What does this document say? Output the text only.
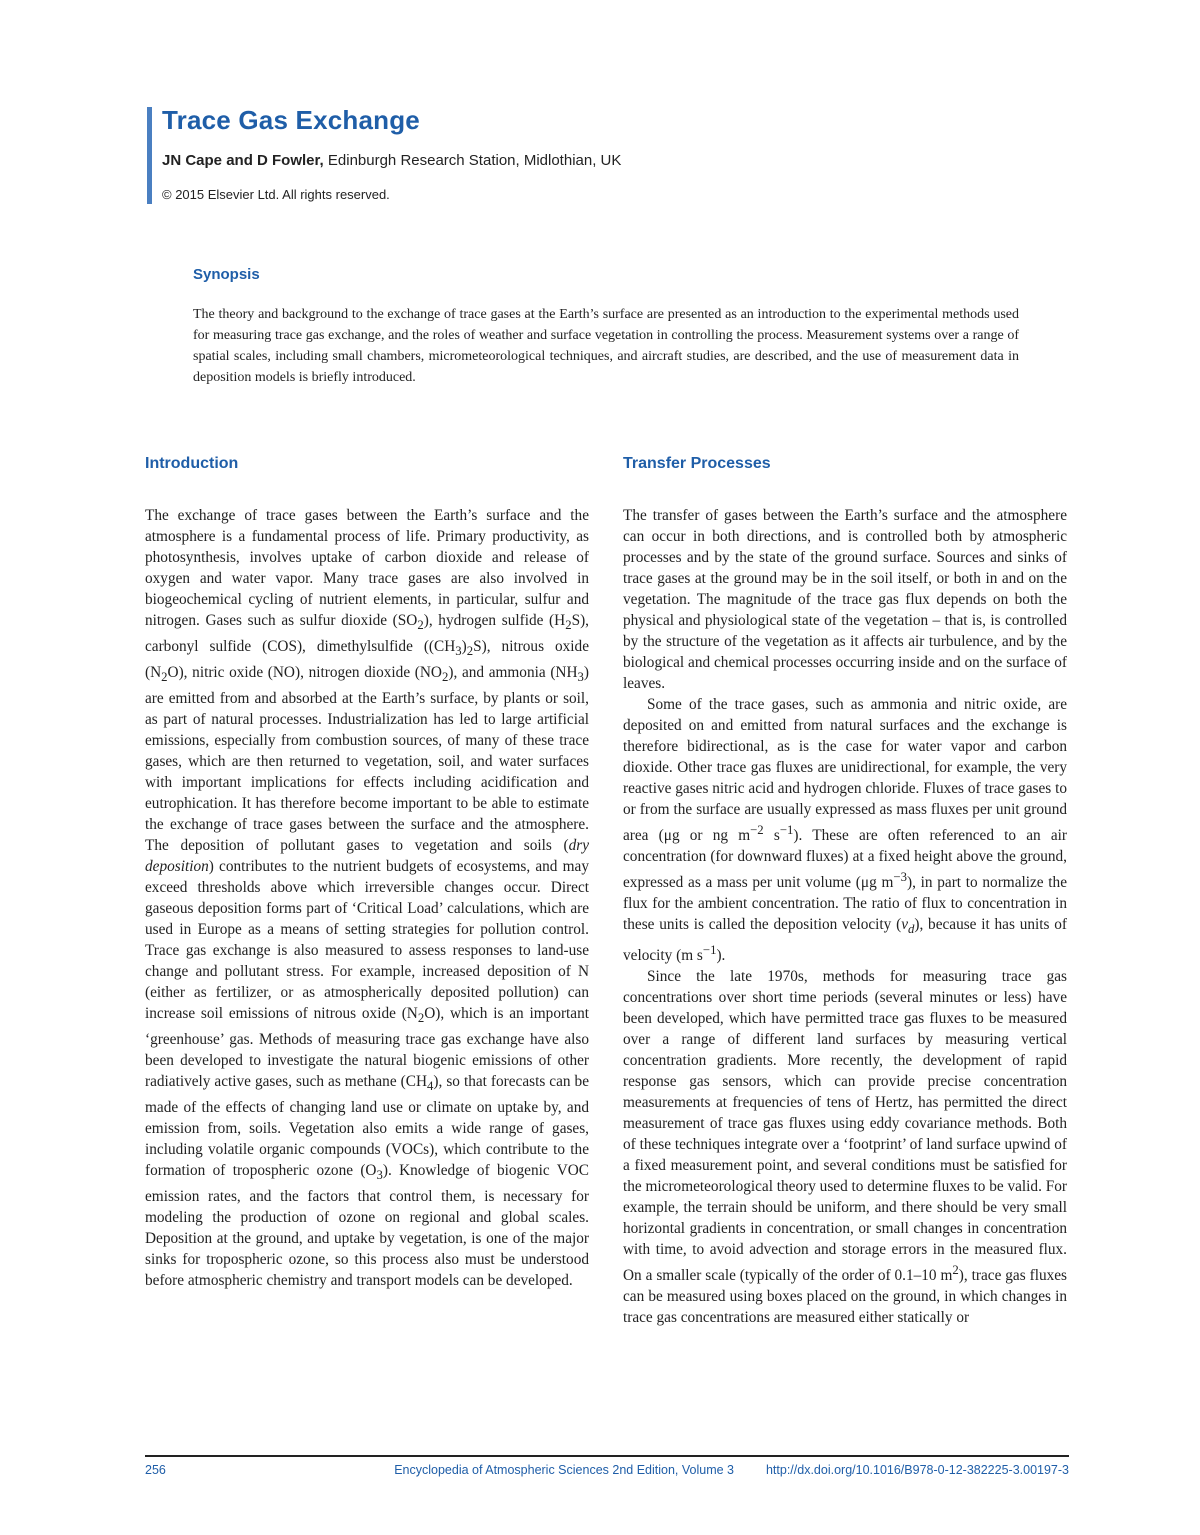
Trace Gas Exchange
JN Cape and D Fowler, Edinburgh Research Station, Midlothian, UK
© 2015 Elsevier Ltd. All rights reserved.
Synopsis

The theory and background to the exchange of trace gases at the Earth’s surface are presented as an introduction to the experimental methods used for measuring trace gas exchange, and the roles of weather and surface vegetation in controlling the process. Measurement systems over a range of spatial scales, including small chambers, micrometeorological techniques, and aircraft studies, are described, and the use of measurement data in deposition models is briefly introduced.

Introduction

The exchange of trace gases between the Earth’s surface and the atmosphere is a fundamental process of life. Primary productivity, as photosynthesis, involves uptake of carbon dioxide and release of oxygen and water vapor. Many trace gases are also involved in biogeochemical cycling of nutrient elements, in particular, sulfur and nitrogen. Gases such as sulfur dioxide $(SO_2)$, hydrogen sulfide $(H_2S)$, carbonyl sulfide (COS), dimethylsulfide $((CH_3)_2S)$, nitrous oxide $(N_2O)$, nitric oxide (NO), nitrogen dioxide $(NO_2)$, and ammonia $(NH_3)$ are emitted from and absorbed at the Earth’s surface, by plants or soil, as part of natural processes. Industrialization has led to large artificial emissions, especially from combustion sources, of many of these trace gases, which are then returned to vegetation, soil, and water surfaces with important implications for effects including acidification and eutrophication. It has therefore become important to be able to estimate the exchange of trace gases between the surface and the atmosphere. The deposition of pollutant gases to vegetation and soils (dry deposition) contributes to the nutrient budgets of ecosystems, and may exceed thresholds above which irreversible changes occur. Direct gaseous deposition forms part of ‘Critical Load’ calculations, which are used in Europe as a means of setting strategies for pollution control. Trace gas exchange is also measured to assess responses to land-use change and pollutant stress. For example, increased deposition of N (either as fertilizer, or as atmospherically deposited pollution) can increase soil emissions of nitrous oxide $(N_2O)$, which is an important ‘greenhouse’ gas. Methods of measuring trace gas exchange have also been developed to investigate the natural biogenic emissions of other radiatively active gases, such as methane $(CH_4)$, so that forecasts can be made of the effects of changing land use or climate on uptake by, and emission from, soils. Vegetation also emits a wide range of gases, including volatile organic compounds (VOCs), which contribute to the formation of tropospheric ozone $(O_3)$. Knowledge of biogenic VOC emission rates, and the factors that control them, is necessary for modeling the production of ozone on regional and global scales. Deposition at the ground, and uptake by vegetation, is one of the major sinks for tropospheric ozone, so this process also must be understood before atmospheric chemistry and transport models can be developed.

Transfer Processes

The transfer of gases between the Earth’s surface and the atmosphere can occur in both directions, and is controlled both by atmospheric processes and by the state of the ground surface. Sources and sinks of trace gases at the ground may be in the soil itself, or both in and on the vegetation. The magnitude of the trace gas flux depends on both the physical and physiological state of the vegetation – that is, is controlled by the structure of the vegetation as it affects air turbulence, and by the biological and chemical processes occurring inside and on the surface of leaves.

Some of the trace gases, such as ammonia and nitric oxide, are deposited on and emitted from natural surfaces and the exchange is therefore bidirectional, as is the case for water vapor and carbon dioxide. Other trace gas fluxes are unidirectional, for example, the very reactive gases nitric acid and hydrogen chloride. Fluxes of trace gases to or from the surface are usually expressed as mass fluxes per unit ground area (μg or ng $m^{-2}$ $s^{-1}$). These are often referenced to an air concentration (for downward fluxes) at a fixed height above the ground, expressed as a mass per unit volume (μg $m^{-3}$), in part to normalize the flux for the ambient concentration. The ratio of flux to concentration in these units is called the deposition velocity $(v_d)$, because it has units of velocity (m $s^{-1}$).

Since the late 1970s, methods for measuring trace gas concentrations over short time periods (several minutes or less) have been developed, which have permitted trace gas fluxes to be measured over a range of different land surfaces by measuring vertical concentration gradients. More recently, the development of rapid response gas sensors, which can provide precise concentration measurements at frequencies of tens of Hertz, has permitted the direct measurement of trace gas fluxes using eddy covariance methods. Both of these techniques integrate over a ‘footprint’ of land surface upwind of a fixed measurement point, and several conditions must be satisfied for the micrometeorological theory used to determine fluxes to be valid. For example, the terrain should be uniform, and there should be very small horizontal gradients in concentration, or small changes in concentration with time, to avoid advection and storage errors in the measured flux. On a smaller scale (typically of the order of 0.1–10 $m^2$), trace gas fluxes can be measured using boxes placed on the ground, in which changes in trace gas concentrations are measured either statically or

256	Encyclopedia of Atmospheric Sciences 2nd Edition, Volume 3	http://dx.doi.org/10.1016/B978-0-12-382225-3.00197-3
